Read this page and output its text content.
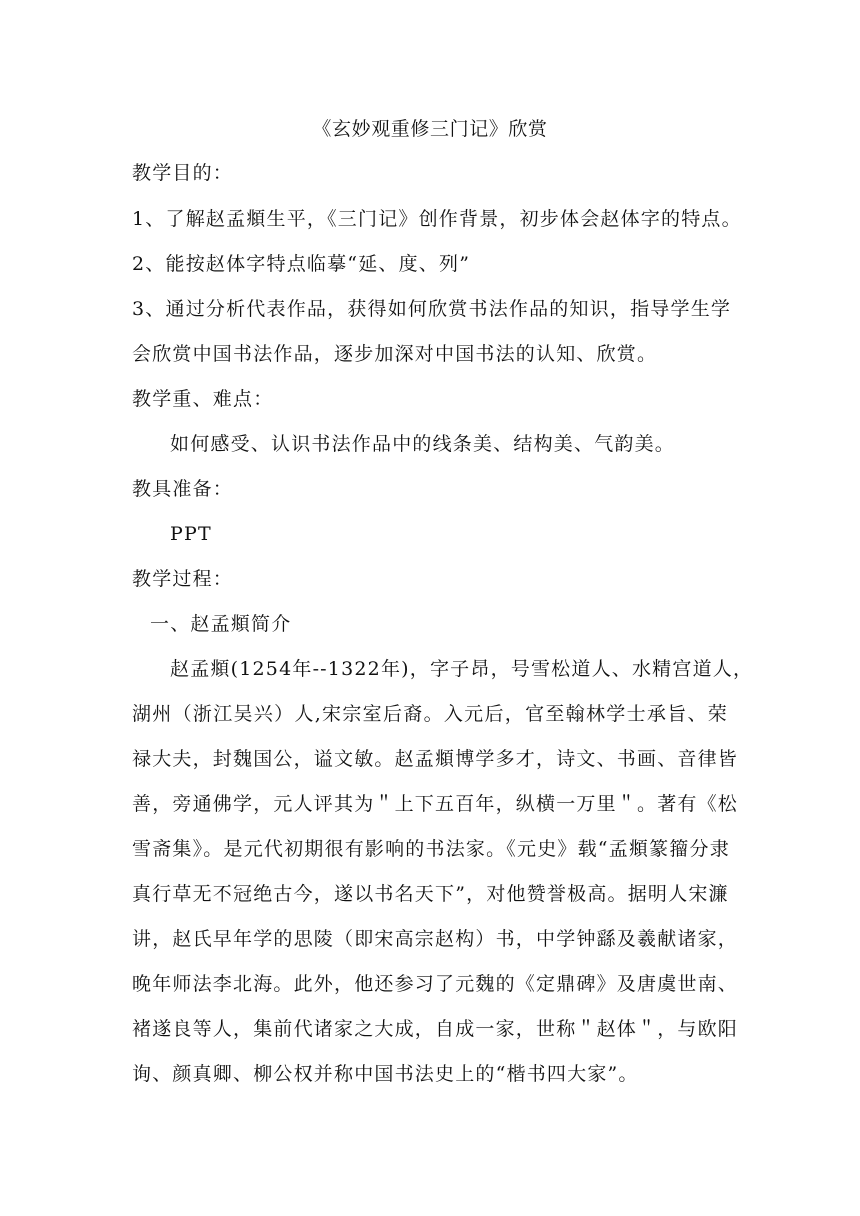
《玄妙观重修三门记》欣赏
教学目的：
1、了解赵孟頫生平，《三门记》创作背景，初步体会赵体字的特点。
2、能按赵体字特点临摹“延、度、列”
3、通过分析代表作品，获得如何欣赏书法作品的知识，指导学生学
会欣赏中国书法作品，逐步加深对中国书法的认知、欣赏。
教学重、难点：
如何感受、认识书法作品中的线条美、结构美、气韵美。
教具准备：
PPT
教学过程：
一、赵孟頫简介
赵孟頫(1254年--1322年)，字子昂，号雪松道人、水精宫道人，
湖州（浙江吴兴）人,宋宗室后裔。入元后，官至翰林学士承旨、荣
禄大夫，封魏国公，谥文敏。赵孟頫博学多才，诗文、书画、音律皆
善，旁通佛学，元人评其为＂上下五百年，纵横一万里＂。著有《松
雪斋集》。是元代初期很有影响的书法家。《元史》载“孟頫篆籀分隶
真行草无不冠绝古今，遂以书名天下”，对他赞誉极高。据明人宋濂
讲，赵氏早年学的思陵（即宋高宗赵构）书，中学钟繇及羲献诸家，
晚年师法李北海。此外，他还参习了元魏的《定鼎碑》及唐虞世南、
褚遂良等人，集前代诸家之大成，自成一家，世称＂赵体＂，与欧阳
询、颜真卿、柳公权并称中国书法史上的“楷书四大家”。
